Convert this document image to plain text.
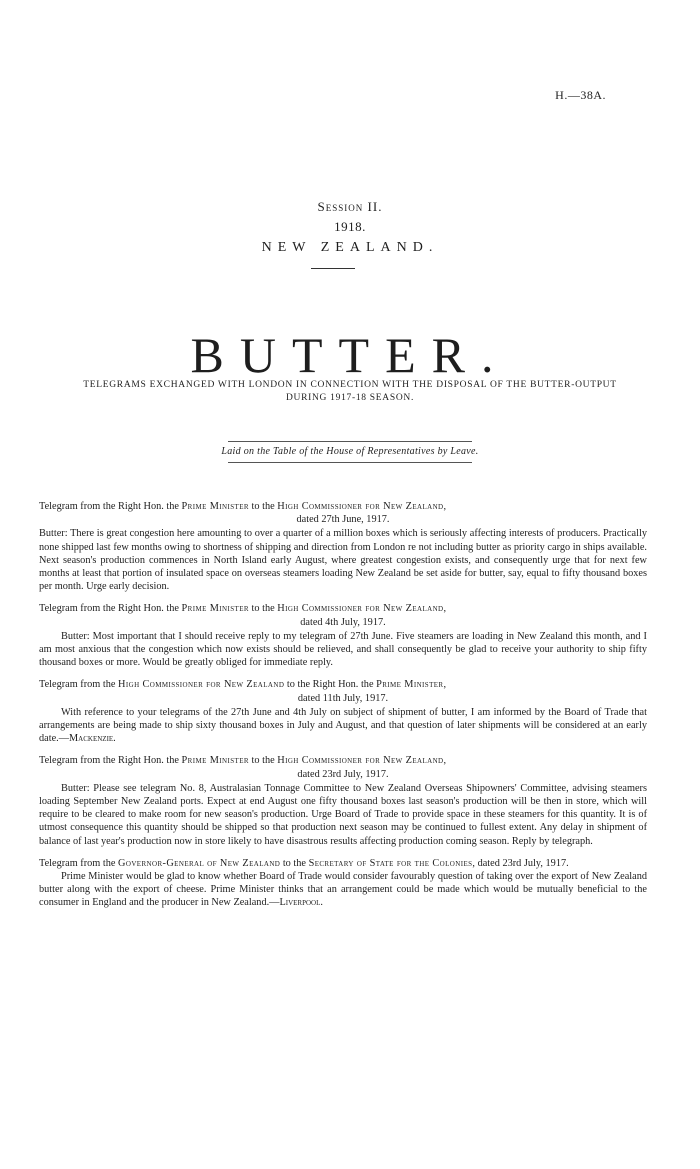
H.—38A.
Session II.
1918.
NEW ZEALAND.
BUTTER.
TELEGRAMS EXCHANGED WITH LONDON IN CONNECTION WITH THE DISPOSAL OF THE BUTTER-OUTPUT DURING 1917-18 SEASON.
Laid on the Table of the House of Representatives by Leave.

Telegram from the Right Hon. the Prime Minister to the High Commissioner for New Zealand,

dated 27th June, 1917.

Butter: There is great congestion here amounting to over a quarter of a million boxes which is seriously affecting interests of producers. Practically none shipped last few months owing to shortness of shipping and direction from London re not including butter as priority cargo in ships available. Next season's production commences in North Island early August, where greatest congestion exists, and consequently urge that for next few months at least that portion of insulated space on overseas steamers loading New Zealand be set aside for butter, say, equal to fifty thousand boxes per month. Urge early decision.

Telegram from the Right Hon. the Prime Minister to the High Commissioner for New Zealand,

dated 4th July, 1917.

Butter: Most important that I should receive reply to my telegram of 27th June. Five steamers are loading in New Zealand this month, and I am most anxious that the congestion which now exists should be relieved, and shall consequently be glad to receive your authority to ship fifty thousand boxes or more. Would be greatly obliged for immediate reply.

Telegram from the High Commissioner for New Zealand to the Right Hon. the Prime Minister,

dated 11th July, 1917.

With reference to your telegrams of the 27th June and 4th July on subject of shipment of butter, I am informed by the Board of Trade that arrangements are being made to ship sixty thousand boxes in July and August, and that question of later shipments will be considered at an early date.—Mackenzie.

Telegram from the Right Hon. the Prime Minister to the High Commissioner for New Zealand,

dated 23rd July, 1917.

Butter: Please see telegram No. 8, Australasian Tonnage Committee to New Zealand Overseas Shipowners' Committee, advising steamers loading September New Zealand ports. Expect at end August one fifty thousand boxes last season's production will be then in store, which will require to be cleared to make room for new season's production. Urge Board of Trade to provide space in these steamers for this quantity. It is of utmost consequence this quantity should be shipped so that production next season may be continued to fullest extent. Any delay in shipment of balance of last year's production now in store likely to have disastrous results affecting production coming season. Reply by telegraph.

Telegram from the Governor-General of New Zealand to the Secretary of State for the Colonies, dated 23rd July, 1917.

Prime Minister would be glad to know whether Board of Trade would consider favourably question of taking over the export of New Zealand butter along with the export of cheese. Prime Minister thinks that an arrangement could be made which would be mutually beneficial to the consumer in England and the producer in New Zealand.—Liverpool.
